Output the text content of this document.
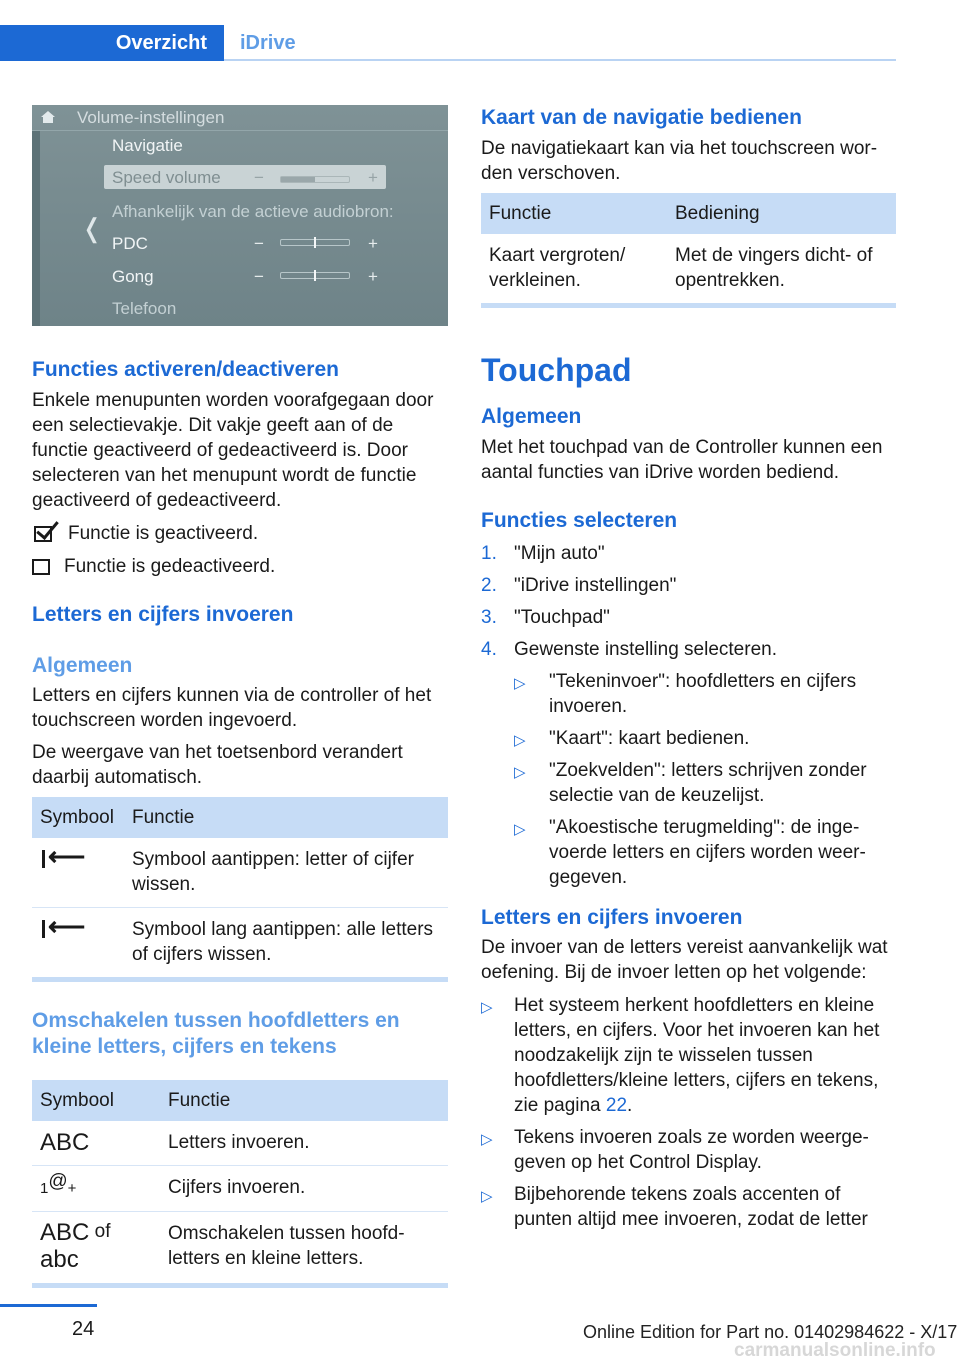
Overzicht	iDrive
Volume-instellingen
❬
Navigatie
Speed volume −	+
Afhankelijk van de actieve audiobron:
PDC	−	+
Gong	−	+
Telefoon
Functies activeren/deactiveren

Enkele menupunten worden voorafgegaan door een selectievakje. Dit vakje geeft aan of de functie geactiveerd of gedeactiveerd is. Door selecteren van het menupunt wordt de functie geactiveerd of gedeactiveerd.

Functie is geactiveerd.
Functie is gedeactiveerd.
Letters en cijfers invoeren
Algemeen

Letters en cijfers kunnen via de controller of het touchscreen worden ingevoerd.

De weergave van het toetsenbord verandert daarbij automatisch.

Symbool	Functie

⟵	Symbool aantippen: letter of cijfer wissen.

⟵	Symbool lang aantippen: alle letters of cijfers wissen.
Omschakelen tussen hoofdletters en kleine letters, cijfers en tekens
Symbool	Functie
ABC	Letters invoeren.
1@+	Cijfers invoeren.

ABC of
abc	Omschakelen tussen hoofdletters en kleine letters.
Kaart van de navigatie bedienen

De navigatiekaart kan via het touchscreen worden verschoven.

Functie	Bediening
Kaart vergroten/ verkleinen.	Met de vingers dicht- of opentrekken.
Touchpad
Algemeen

Met het touchpad van de Controller kunnen een aantal functies van iDrive worden bediend.

Functies selecteren
1. "Mijn auto"
2. "iDrive instellingen"
3. "Touchpad"
4. Gewenste instelling selecteren.
▷ "Tekeninvoer": hoofdletters en cijfers invoeren.
▷ "Kaart": kaart bedienen.
▷ "Zoekvelden": letters schrijven zonder selectie van de keuzelijst.
▷ "Akoestische terugmelding": de ingevoerde letters en cijfers worden weergegeven.
Letters en cijfers invoeren

De invoer van de letters vereist aanvankelijk wat oefening. Bij de invoer letten op het volgende:

▷ Het systeem herkent hoofdletters en kleine letters, en cijfers. Voor het invoeren kan het noodzakelijk zijn te wisselen tussen hoofdletters/kleine letters, cijfers en tekens, zie pagina 22.
▷ Tekens invoeren zoals ze worden weergegeven op het Control Display.
▷ Bijbehorende tekens zoals accenten of punten altijd mee invoeren, zodat de letter
24	Online Edition for Part no. 01402984622 - X/17
carmanualsonline.info
